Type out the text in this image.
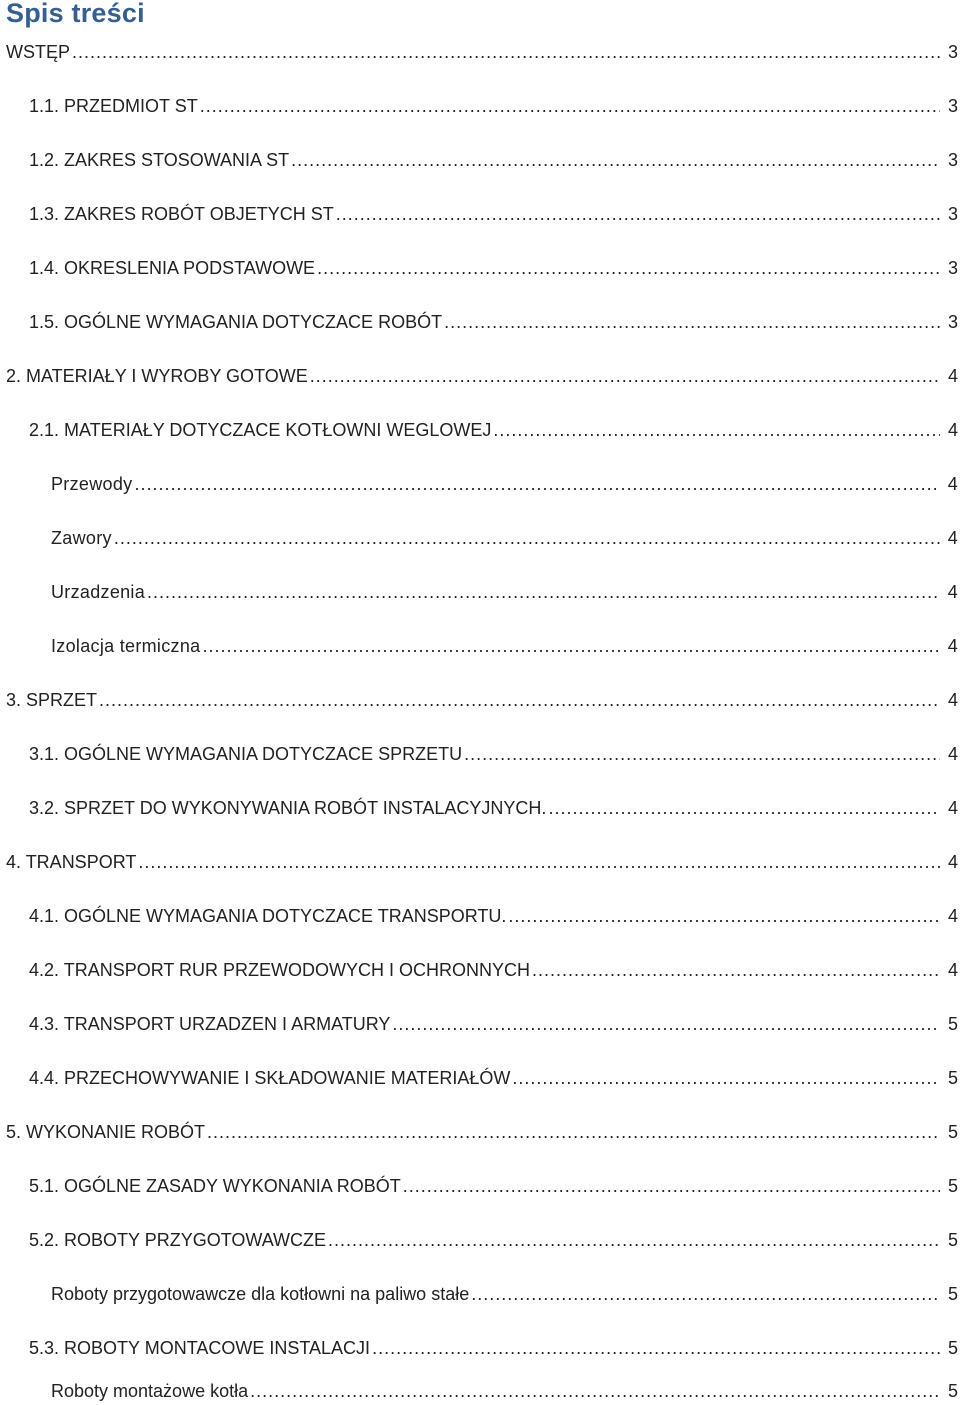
Spis treści
WSTĘP .....	3
1.1. PRZEDMIOT ST .....	3
1.2. ZAKRES STOSOWANIA ST .....	3
1.3. ZAKRES ROBÓT OBJETYCH ST .....	3
1.4. OKRESLENIA PODSTAWOWE .....	3
1.5. OGÓLNE WYMAGANIA DOTYCZACE ROBÓT .....	3
2. MATERIAŁY I WYROBY GOTOWE .....	4
2.1. MATERIAŁY DOTYCZACE KOTŁOWNI WEGLOWEJ .....	4
Przewody .....	4
Zawory .....	4
Urzadzenia .....	4
Izolacja termiczna .....	4
3. SPRZET .....	4
3.1. OGÓLNE WYMAGANIA DOTYCZACE SPRZETU .....	4
3.2. SPRZET DO WYKONYWANIA ROBÓT INSTALACYJNYCH. .....	4
4. TRANSPORT .....	4
4.1. OGÓLNE WYMAGANIA DOTYCZACE TRANSPORTU. .....	4
4.2. TRANSPORT RUR PRZEWODOWYCH I OCHRONNYCH .....	4
4.3. TRANSPORT URZADZEN I ARMATURY .....	5
4.4. PRZECHOWYWANIE I SKŁADOWANIE MATERIAŁÓW .....	5
5. WYKONANIE ROBÓT .....	5
5.1. OGÓLNE ZASADY WYKONANIA ROBÓT .....	5
5.2. ROBOTY PRZYGOTOWAWCZE .....	5
Roboty przygotowawcze dla kotłowni na paliwo stałe .....	5
5.3. ROBOTY MONTACOWE INSTALACJI .....	5
Roboty montażowe kotła .....	5
